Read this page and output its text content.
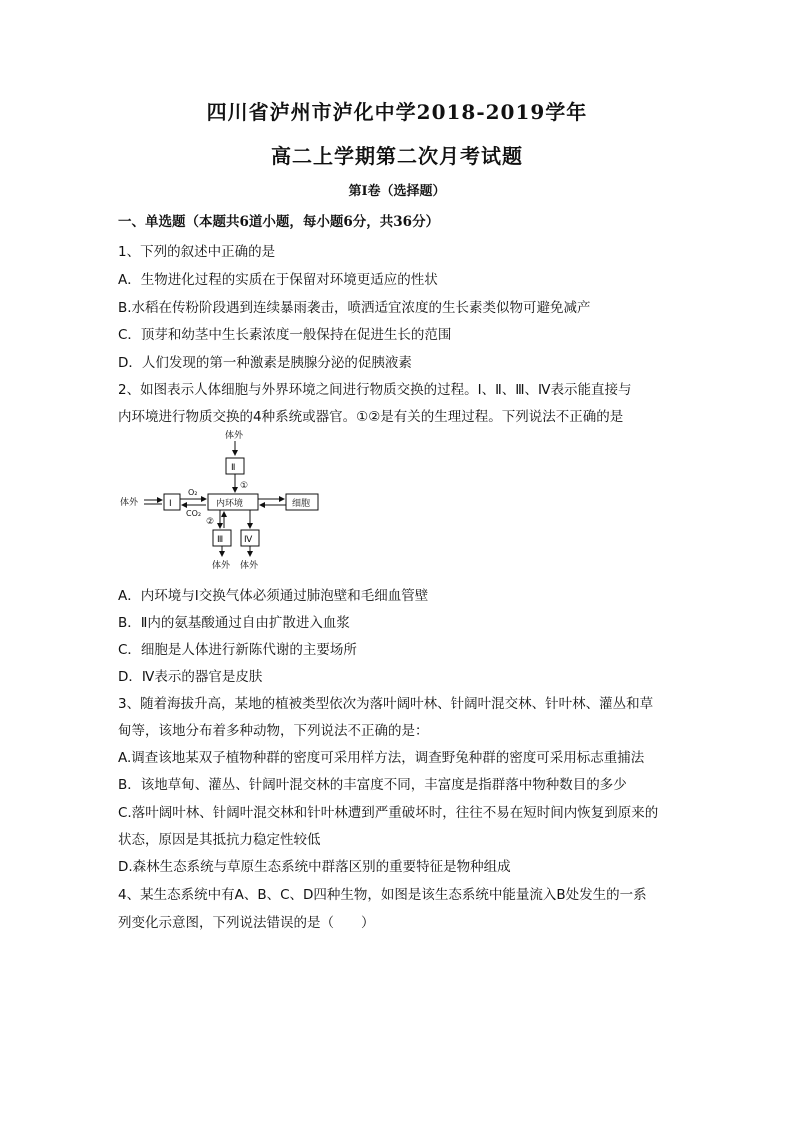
四川省泸州市泸化中学2018-2019学年
高二上学期第二次月考试题
第I卷（选择题）
一、单选题（本题共6道小题，每小题6分，共36分）
1、下列的叙述中正确的是
A．生物进化过程的实质在于保留对环境更适应的性状
B.水稻在传粉阶段遇到连续暴雨袭击，喷洒适宜浓度的生长素类似物可避免减产
C．顶芽和幼茎中生长素浓度一般保持在促进生长的范围
D．人们发现的第一种激素是胰腺分泌的促胰液素
2、如图表示人体细胞与外界环境之间进行物质交换的过程。Ⅰ、Ⅱ、Ⅲ、Ⅳ表示能直接与
内环境进行物质交换的4种系统或器官。①②是有关的生理过程。下列说法不正确的是
体外
Ⅱ
①
体外	Ⅰ
O₂
CO₂
内环境	细胞
②
Ⅲ
体外
Ⅳ
体外
A．内环境与Ⅰ交换气体必须通过肺泡壁和毛细血管壁
B．Ⅱ内的氨基酸通过自由扩散进入血浆
C．细胞是人体进行新陈代谢的主要场所
D．Ⅳ表示的器官是皮肤
3、随着海拔升高，某地的植被类型依次为落叶阔叶林、针阔叶混交林、针叶林、灌丛和草
甸等，该地分布着多种动物，下列说法不正确的是：
A.调查该地某双子植物种群的密度可采用样方法，调查野兔种群的密度可采用标志重捕法
B．该地草甸、灌丛、针阔叶混交林的丰富度不同，丰富度是指群落中物种数目的多少
C.落叶阔叶林、针阔叶混交林和针叶林遭到严重破坏时，往往不易在短时间内恢复到原来的
状态，原因是其抵抗力稳定性较低
D.森林生态系统与草原生态系统中群落区别的重要特征是物种组成
4、某生态系统中有A、B、C、D四种生物，如图是该生态系统中能量流入B处发生的一系
列变化示意图，下列说法错误的是（　　）
